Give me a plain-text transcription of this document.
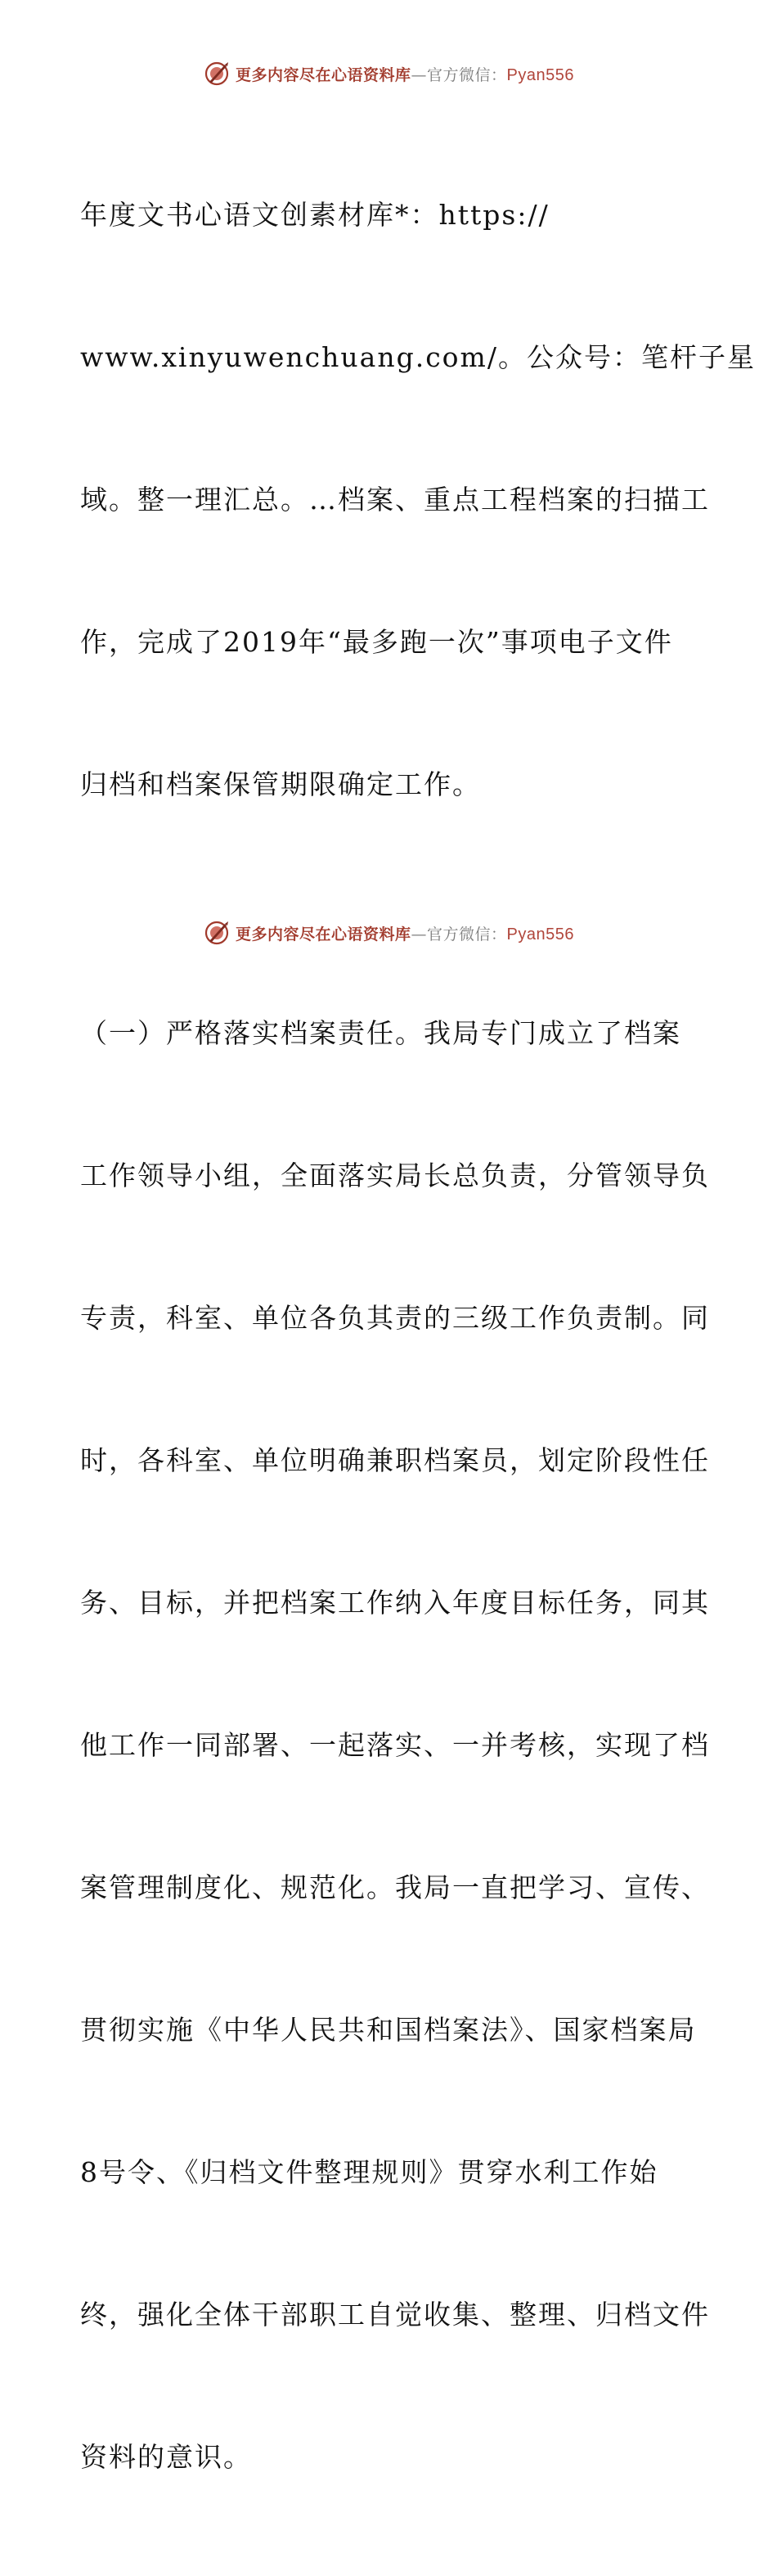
更多内容尽在心语资料库—官方微信：Pyan556

年度文书心语文创素材库*：https://

www.xinyuwenchuang.com/。公众号：笔杆子星

域。整一理汇总。…档案、重点工程档案的扫描工

作，完成了2019年“最多跑一次”事项电子文件

归档和档案保管期限确定工作。

（一）严格落实档案责任。我局专门成立了档案

工作领导小组，全面落实局长总负责，分管领导负

专责，科室、单位各负其责的三级工作负责制。同

时，各科室、单位明确兼职档案员，划定阶段性任

务、目标，并把档案工作纳入年度目标任务，同其

他工作一同部署、一起落实、一并考核，实现了档

案管理制度化、规范化。我局一直把学习、宣传、

贯彻实施《中华人民共和国档案法》、国家档案局

8号令、《归档文件整理规则》贯穿水利工作始

终，强化全体干部职工自觉收集、整理、归档文件

资料的意识。

更多内容尽在心语资料库—官方微信：Pyan556
